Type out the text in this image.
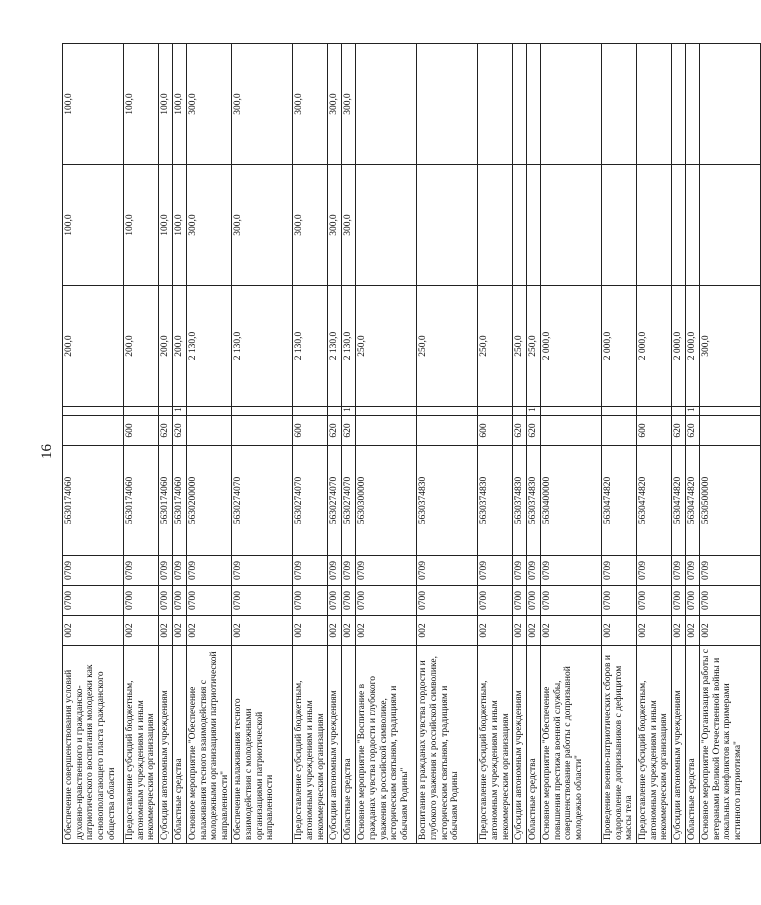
16
Обеспечение совершенствования условий духовно-нравственного и гражданско-патриотического воспитания молодежи как основополагающего пласта гражданского общества области	002	0700	0709	5630174060			200,0	100,0	100,0
Предоставление субсидий бюджетным, автономным учреждениям и иным некоммерческим организациям	002	0700	0709	5630174060	600		200,0	100,0	100,0
Субсидии автономным учреждениям	002	0700	0709	5630174060	620		200,0	100,0	100,0
Областные средства	002	0700	0709	5630174060	620	1	200,0	100,0	100,0
Основное мероприятие "Обеспечение налаживания тесного взаимодействия с молодежными организациями патриотической направленности"	002	0700	0709	5630200000			2 130,0	300,0	300,0
Обеспечение налаживания тесного взаимодействия с молодежными организациями патриотической направленности	002	0700	0709	5630274070			2 130,0	300,0	300,0
Предоставление субсидий бюджетным, автономным учреждениям и иным некоммерческим организациям	002	0700	0709	5630274070	600		2 130,0	300,0	300,0
Субсидии автономным учреждениям	002	0700	0709	5630274070	620		2 130,0	300,0	300,0
Областные средства	002	0700	0709	5630274070	620	1	2 130,0	300,0	300,0
Основное мероприятие "Воспитание в гражданах чувства гордости и глубокого уважения к российской символике, историческим святыням, традициям и обычаям Родины"	002	0700	0709	5630300000			250,0		
Воспитание в гражданах чувства гордости и глубокого уважения к российской символике, историческим святыням, традициям и обычаям Родины	002	0700	0709	5630374830			250,0		
Предоставление субсидий бюджетным, автономным учреждениям и иным некоммерческим организациям	002	0700	0709	5630374830	600		250,0		
Субсидии автономным учреждениям	002	0700	0709	5630374830	620		250,0		
Областные средства	002	0700	0709	5630374830	620	1	250,0		
Основное мероприятие "Обеспечение повышения престижа военной службы, совершенствование работы с допризывной молодежью области"	002	0700	0709	5630400000			2 000,0		
Проведение военно-патриотических сборов и оздоровление допризывников с дефицитом массы тела	002	0700	0709	5630474820			2 000,0		
Предоставление субсидий бюджетным, автономным учреждениям и иным некоммерческим организациям	002	0700	0709	5630474820	600		2 000,0		
Субсидии автономным учреждениям	002	0700	0709	5630474820	620		2 000,0		
Областные средства	002	0700	0709	5630474820	620	1	2 000,0		
Основное мероприятие "Организация работы с ветеранами Великой Отечественной войны и локальных конфликтов как примерами истинного патриотизма"	002	0700	0709	5630500000			300,0		
